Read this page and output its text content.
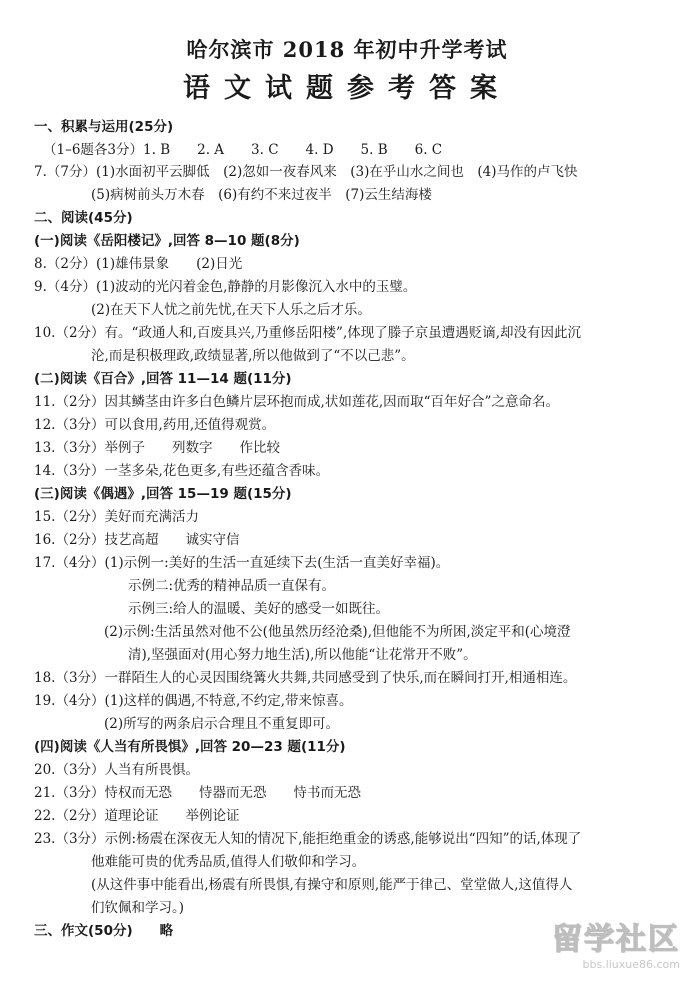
哈尔滨市 2018 年初中升学考试
语文试题参考答案
一、积累与运用(25分)
（1–6题各3分）1. B　　2. A　　3. C　　4. D　　5. B　　6. C
7.（7分）(1)水面初平云脚低　(2)忽如一夜春风来　(3)在乎山水之间也　(4)马作的卢飞快
(5)病树前头万木春　(6)有约不来过夜半　(7)云生结海楼
二、阅读(45分)
(一)阅读《岳阳楼记》,回答 8—10 题(8分)
8.（2分）(1)雄伟景象　　(2)日光
9.（4分）(1)波动的光闪着金色,静静的月影像沉入水中的玉璧。
(2)在天下人忧之前先忧,在天下人乐之后才乐。
10.（2分）有。“政通人和,百废具兴,乃重修岳阳楼”,体现了滕子京虽遭遇贬谪,却没有因此沉
沦,而是积极理政,政绩显著,所以他做到了“不以己悲”。
(二)阅读《百合》,回答 11—14 题(11分)
11.（2分）因其鳞茎由许多白色鳞片层环抱而成,状如莲花,因而取“百年好合”之意命名。
12.（3分）可以食用,药用,还值得观赏。
13.（3分）举例子　　列数字　　作比较
14.（3分）一茎多朵,花色更多,有些还蕴含香味。
(三)阅读《偶遇》,回答 15—19 题(15分)
15.（2分）美好而充满活力
16.（2分）技艺高超　　诚实守信
17.（4分）(1)示例一:美好的生活一直延续下去(生活一直美好幸福)。
示例二:优秀的精神品质一直保有。
示例三:给人的温暖、美好的感受一如既往。
(2)示例:生活虽然对他不公(他虽然历经沧桑),但他能不为所困,淡定平和(心境澄
清),坚强面对(用心努力地生活),所以他能“让花常开不败”。
18.（3分）一群陌生人的心灵因围绕篝火共舞,共同感受到了快乐,而在瞬间打开,相通相连。
19.（4分）(1)这样的偶遇,不特意,不约定,带来惊喜。
(2)所写的两条启示合理且不重复即可。
(四)阅读《人当有所畏惧》,回答 20—23 题(11分)
20.（3分）人当有所畏惧。
21.（3分）恃权而无恐　　恃器而无恐　　恃书而无恐
22.（2分）道理论证　　举例论证
23.（3分）示例:杨震在深夜无人知的情况下,能拒绝重金的诱惑,能够说出“四知”的话,体现了
他难能可贵的优秀品质,值得人们敬仰和学习。
(从这件事中能看出,杨震有所畏惧,有操守和原则,能严于律己、堂堂做人,这值得人
们钦佩和学习。)
三、作文(50分)　　略	留学社区
bbs.liuxue86.com
